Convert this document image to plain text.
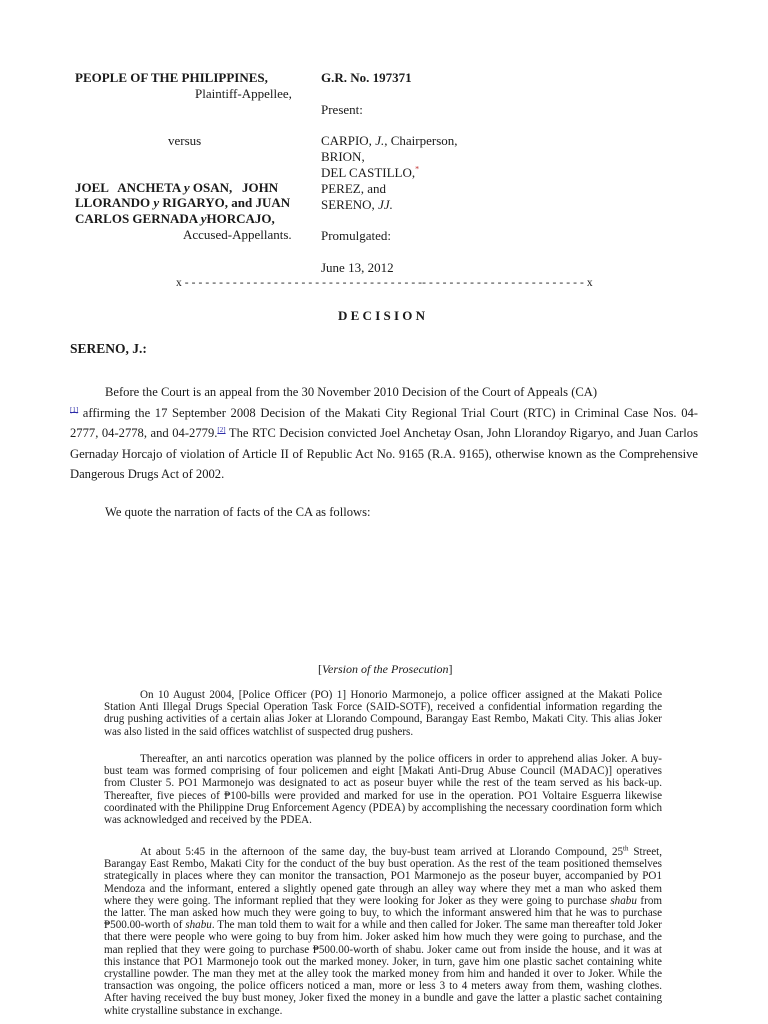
PEOPLE OF THE PHILIPPINES,
Plaintiff-Appellee,
versus
JOEL   ANCHETA y OSAN,   JOHN
LLORANDO y RIGARYO, and JUAN
CARLOS GERNADA yHORCAJO,
Accused-Appellants.
G.R. No. 197371
Present:
CARPIO, J., Chairperson,
BRION,
DEL CASTILLO,*
PEREZ, and
SERENO, JJ.
Promulgated:
June 13, 2012
x - - - - - - - - - - - - - - - - - - - - - - - - - - - - - - - - - - -- - - - - - - - - - - - - - - - - - - - - - - - x
D E C I S I O N
SERENO, J.:
Before the Court is an appeal from the 30 November 2010 Decision of the Court of Appeals (CA)
[1] affirming the 17 September 2008 Decision of the Makati City Regional Trial Court (RTC) in Criminal Case Nos. 04-2777, 04-2778, and 04-2779.[2] The RTC Decision convicted Joel Anchetay Osan, John Llorandoy Rigaryo, and Juan Carlos Gernaday Horcajo of violation of Article II of Republic Act No. 9165 (R.A. 9165), otherwise known as the Comprehensive Dangerous Drugs Act of 2002.
We quote the narration of facts of the CA as follows:
[Version of the Prosecution]
On 10 August 2004, [Police Officer (PO) 1] Honorio Marmonejo, a police officer assigned at the Makati Police Station Anti Illegal Drugs Special Operation Task Force (SAID-SOTF), received a confidential information regarding the drug pushing activities of a certain alias Joker at Llorando Compound, Barangay East Rembo, Makati City. This alias Joker was also listed in the said offices watchlist of suspected drug pushers.
Thereafter, an anti narcotics operation was planned by the police officers in order to apprehend alias Joker. A buy-bust team was formed comprising of four policemen and eight [Makati Anti-Drug Abuse Council (MADAC)] operatives from Cluster 5. PO1 Marmonejo was designated to act as poseur buyer while the rest of the team served as his back-up. Thereafter, five pieces of ₱100-bills were provided and marked for use in the operation. PO1 Voltaire Esguerra likewise coordinated with the Philippine Drug Enforcement Agency (PDEA) by accomplishing the necessary coordination form which was acknowledged and received by the PDEA.
At about 5:45 in the afternoon of the same day, the buy-bust team arrived at Llorando Compound, 25th Street, Barangay East Rembo, Makati City for the conduct of the buy bust operation. As the rest of the team positioned themselves strategically in places where they can monitor the transaction, PO1 Marmonejo as the poseur buyer, accompanied by PO1 Mendoza and the informant, entered a slightly opened gate through an alley way where they met a man who asked them where they were going. The informant replied that they were looking for Joker as they were going to purchase shabu from the latter. The man asked how much they were going to buy, to which the informant answered him that he was to purchase ₱500.00-worth of shabu. The man told them to wait for a while and then called for Joker. The same man thereafter told Joker that there were people who were going to buy from him. Joker asked him how much they were going to purchase, and the man replied that they were going to purchase ₱500.00-worth of shabu. Joker came out from inside the house, and it was at this instance that PO1 Marmonejo took out the marked money. Joker, in turn, gave him one plastic sachet containing white crystalline powder. The man they met at the alley took the marked money from him and handed it over to Joker. While the transaction was ongoing, the police officers noticed a man, more or less 3 to 4 meters away from them, washing clothes. After having received the buy bust money, Joker fixed the money in a bundle and gave the latter a plastic sachet containing white crystalline substance in exchange.
